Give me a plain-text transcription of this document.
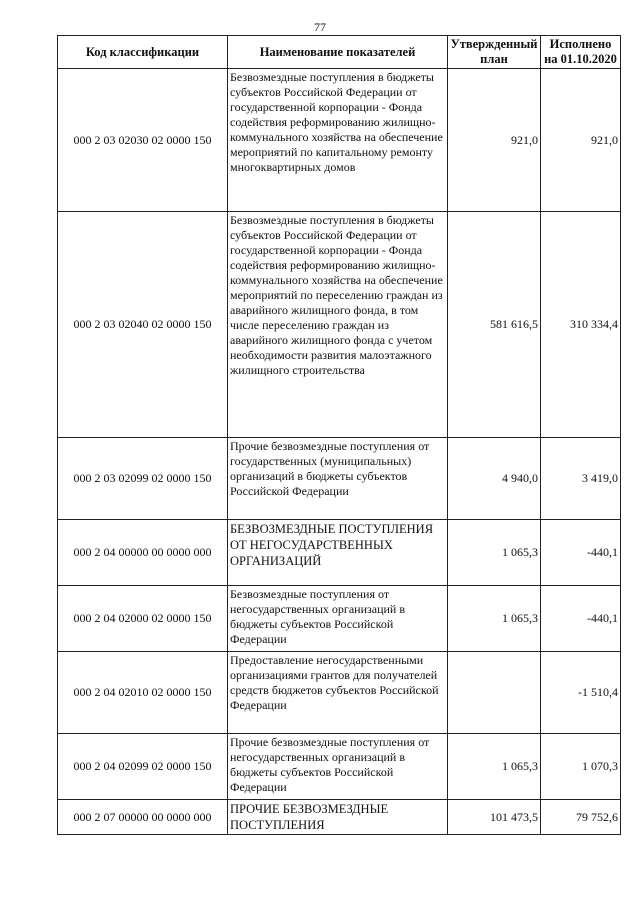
77
Код классификации	Наименование показателей	Утвержденный план	Исполнено на 01.10.2020
000 2 03 02030 02 0000 150	Безвозмездные поступления в бюджеты субъектов Российской Федерации от государственной корпорации - Фонда содействия реформированию жилищно-коммунального хозяйства на обеспечение мероприятий по капитальному ремонту многоквартирных домов	921,0	921,0
000 2 03 02040 02 0000 150	Безвозмездные поступления в бюджеты субъектов Российской Федерации от государственной корпорации - Фонда содействия реформированию жилищно-коммунального хозяйства на обеспечение мероприятий по переселению граждан из аварийного жилищного фонда, в том числе переселению граждан из аварийного жилищного фонда с учетом необходимости развития малоэтажного жилищного строительства	581 616,5	310 334,4
000 2 03 02099 02 0000 150	Прочие безвозмездные поступления от государственных (муниципальных) организаций в бюджеты субъектов Российской Федерации	4 940,0	3 419,0
000 2 04 00000 00 0000 000	БЕЗВОЗМЕЗДНЫЕ ПОСТУПЛЕНИЯ ОТ НЕГОСУДАРСТВЕННЫХ ОРГАНИЗАЦИЙ	1 065,3	-440,1
000 2 04 02000 02 0000 150	Безвозмездные поступления от негосударственных организаций в бюджеты субъектов Российской Федерации	1 065,3	-440,1
000 2 04 02010 02 0000 150	Предоставление негосударственными организациями грантов для получателей средств бюджетов субъектов Российской Федерации		-1 510,4
000 2 04 02099 02 0000 150	Прочие безвозмездные поступления от негосударственных организаций в бюджеты субъектов Российской Федерации	1 065,3	1 070,3
000 2 07 00000 00 0000 000	ПРОЧИЕ БЕЗВОЗМЕЗДНЫЕ ПОСТУПЛЕНИЯ	101 473,5	79 752,6
